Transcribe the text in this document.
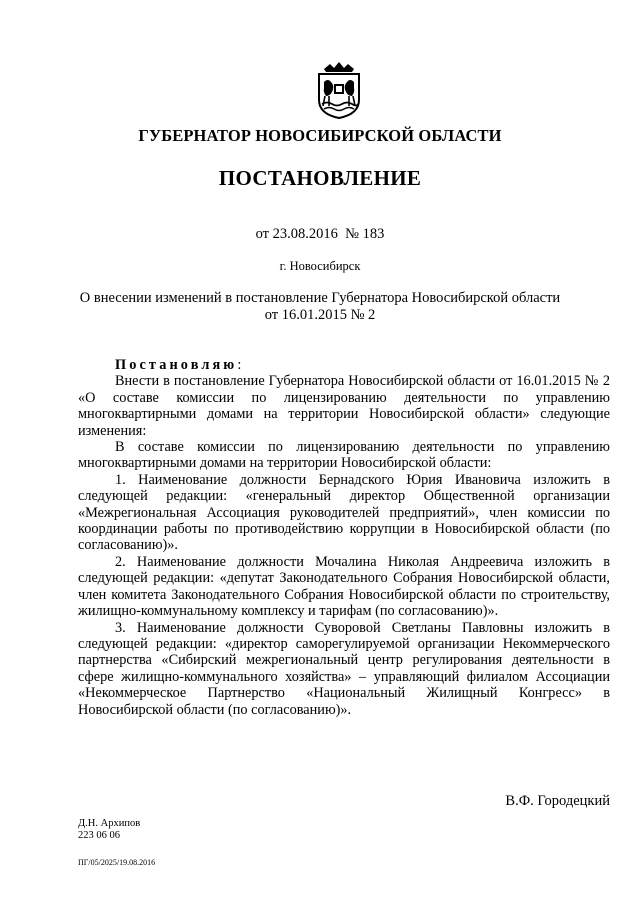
ГУБЕРНАТОР НОВОСИБИРСКОЙ ОБЛАСТИ
ПОСТАНОВЛЕНИЕ
от 23.08.2016  № 183
г. Новосибирск
О внесении изменений в постановление Губернатора Новосибирской области
от 16.01.2015 № 2

Постановляю:

Внести в постановление Губернатора Новосибирской области от 16.01.2015 № 2 «О составе комиссии по лицензированию деятельности по управлению многоквартирными домами на территории Новосибирской области» следующие изменения:

В составе комиссии по лицензированию деятельности по управлению многоквартирными домами на территории Новосибирской области:

1. Наименование должности Бернадского Юрия Ивановича изложить в следующей редакции: «генеральный директор Общественной организации «Межрегиональная Ассоциация руководителей предприятий», член комиссии по координации работы по противодействию коррупции в Новосибирской области (по согласованию)».

2. Наименование должности Мочалина Николая Андреевича изложить в следующей редакции: «депутат Законодательного Собрания Новосибирской области, член комитета Законодательного Собрания Новосибирской области по строительству, жилищно-коммунальному комплексу и тарифам (по согласованию)».

3. Наименование должности Суворовой Светланы Павловны изложить в следующей редакции: «директор саморегулируемой организации Некоммерческого партнерства «Сибирский межрегиональный центр регулирования деятельности в сфере жилищно-коммунального хозяйства» – управляющий филиалом Ассоциации «Некоммерческое Партнерство «Национальный Жилищный Конгресс» в Новосибирской области (по согласованию)».

В.Ф. Городецкий
Д.Н. Архипов
223 06 06
ПГ/05/2025/19.08.2016
